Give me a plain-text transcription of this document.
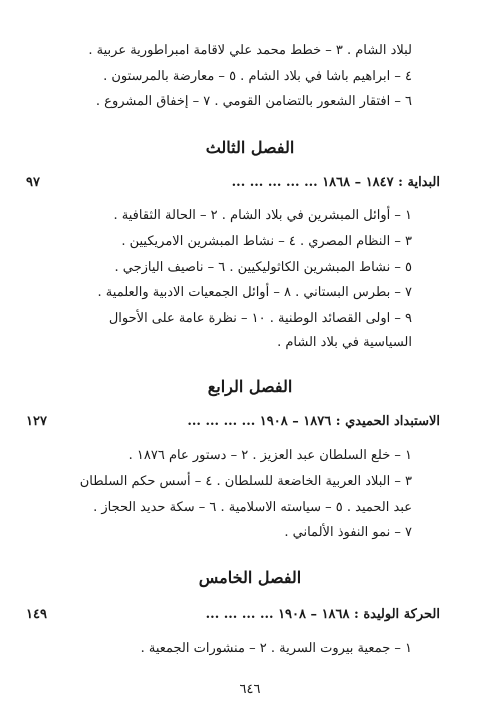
لبلاد الشام . ٣ – خطط محمد علي لاقامة امبراطورية عربية .

٤ – ابراهيم باشا في بلاد الشام . ٥ – معارضة بالمرستون .

٦ – افتقار الشعور بالتضامن القومي . ٧ – إخفاق المشروع .

الفصل الثالث
البداية : ١٨٤٧ – ١٨٦٨ ... ... ... ... ...
٩٧

١ – أوائل المبشرين في بلاد الشام . ٢ – الحالة الثقافية .

٣ – النظام المصري . ٤ – نشاط المبشرين الامريكيين .

٥ – نشاط المبشرين الكاثوليكيين . ٦ – ناصيف اليازجي .

٧ – بطرس البستاني . ٨ – أوائل الجمعيات الادبية والعلمية .

٩ – اولى القصائد الوطنية . ١٠ – نظرة عامة على الأحوال

السياسية في بلاد الشام .

الفصل الرابع
الاستبداد الحميدي : ١٨٧٦ – ١٩٠٨ ... ... ... ...
١٢٧

١ – خلع السلطان عبد العزيز . ٢ – دستور عام ١٨٧٦ .

٣ – البلاد العربية الخاضعة للسلطان . ٤ – أسس حكم السلطان

عبد الحميد . ٥ – سياسته الاسلامية . ٦ – سكة حديد الحجاز .

٧ – نمو النفوذ الألماني .

الفصل الخامس
الحركة الوليدة : ١٨٦٨ – ١٩٠٨ ... ... ... ...
١٤٩

١ – جمعية بيروت السرية . ٢ – منشورات الجمعية .

٦٤٦
